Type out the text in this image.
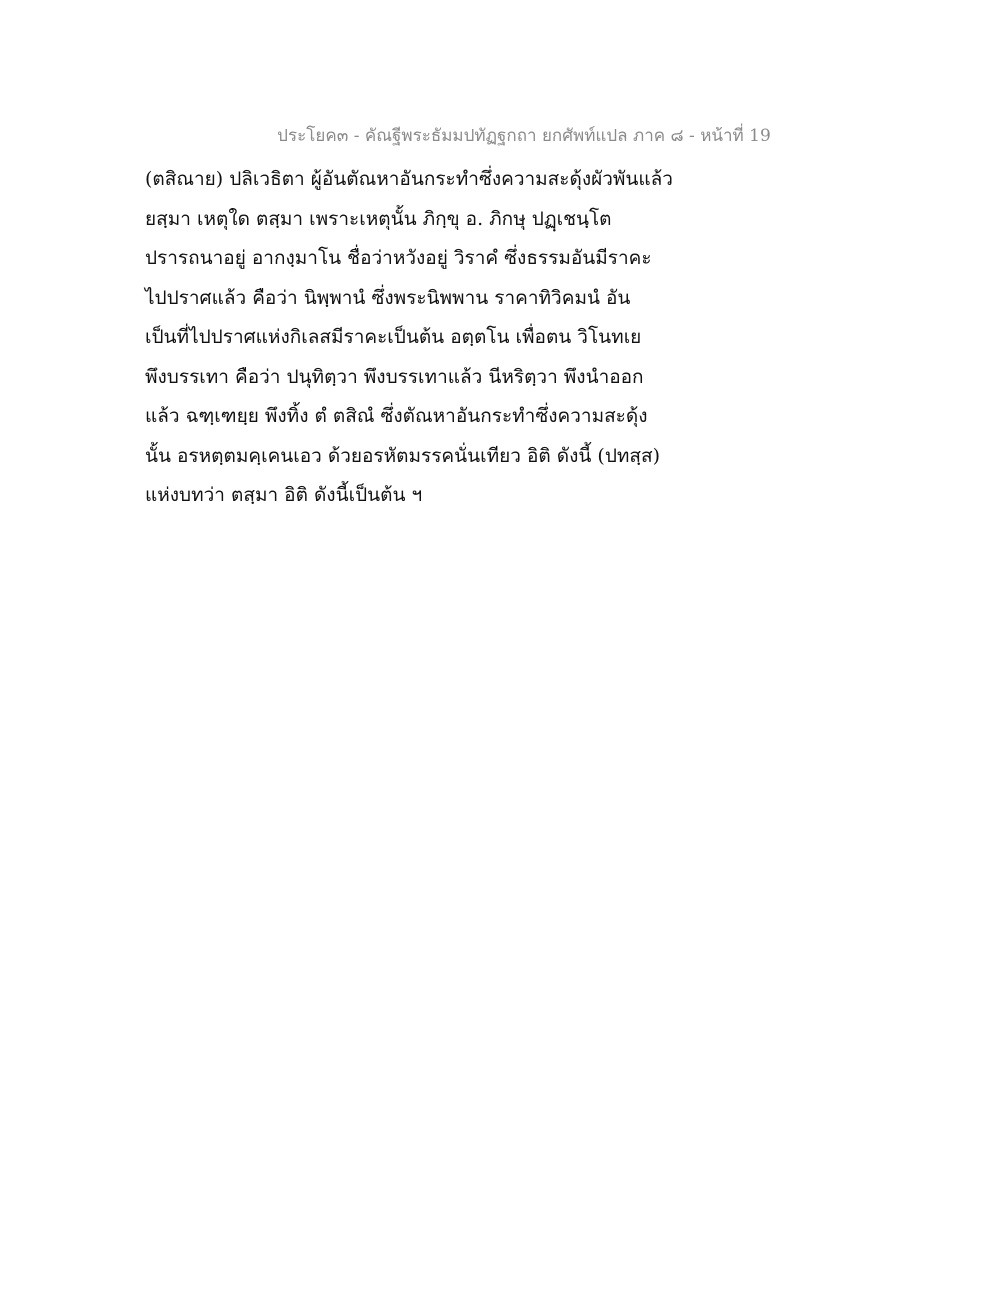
ประโยค๓ - คัณฐีพระธัมมปทัฏฐกถา ยกศัพท์แปล ภาค ๘ - หน้าที่ 19
(ตสิณาย) ปลิเวธิตา ผู้อันตัณหาอันกระทำซึ่งความสะดุ้งผัวพันแล้ว
ยสฺมา เหตุใด ตสฺมา เพราะเหตุนั้น ภิกฺขุ อ. ภิกษุ ปฏฺเชนฺโต
ปรารถนาอยู่ อากงฺมาโน ชื่อว่าหวังอยู่ วิราคํ ซึ่งธรรมอันมีราคะ
ไปปราศแล้ว คือว่า นิพฺพานํ ซึ่งพระนิพพาน ราคาทิวิคมนํ อัน
เป็นที่ไปปราศแห่งกิเลสมีราคะเป็นต้น อตฺตโน เพื่อตน วิโนทเย
พึงบรรเทา คือว่า ปนุทิตฺวา พึงบรรเทาแล้ว นีหริตฺวา พึงนำออก
แล้ว ฉฑฺเฑยฺย พึงทิ้ง ตํ ตสิณํ ซึ่งตัณหาอันกระทำซึ่งความสะดุ้ง
นั้น อรหตฺตมคฺเคนเอว ด้วยอรหัตมรรคนั่นเทียว อิติ ดังนี้ (ปทสฺส)
แห่งบทว่า ตสฺมา อิติ ดังนี้เป็นต้น ฯ
